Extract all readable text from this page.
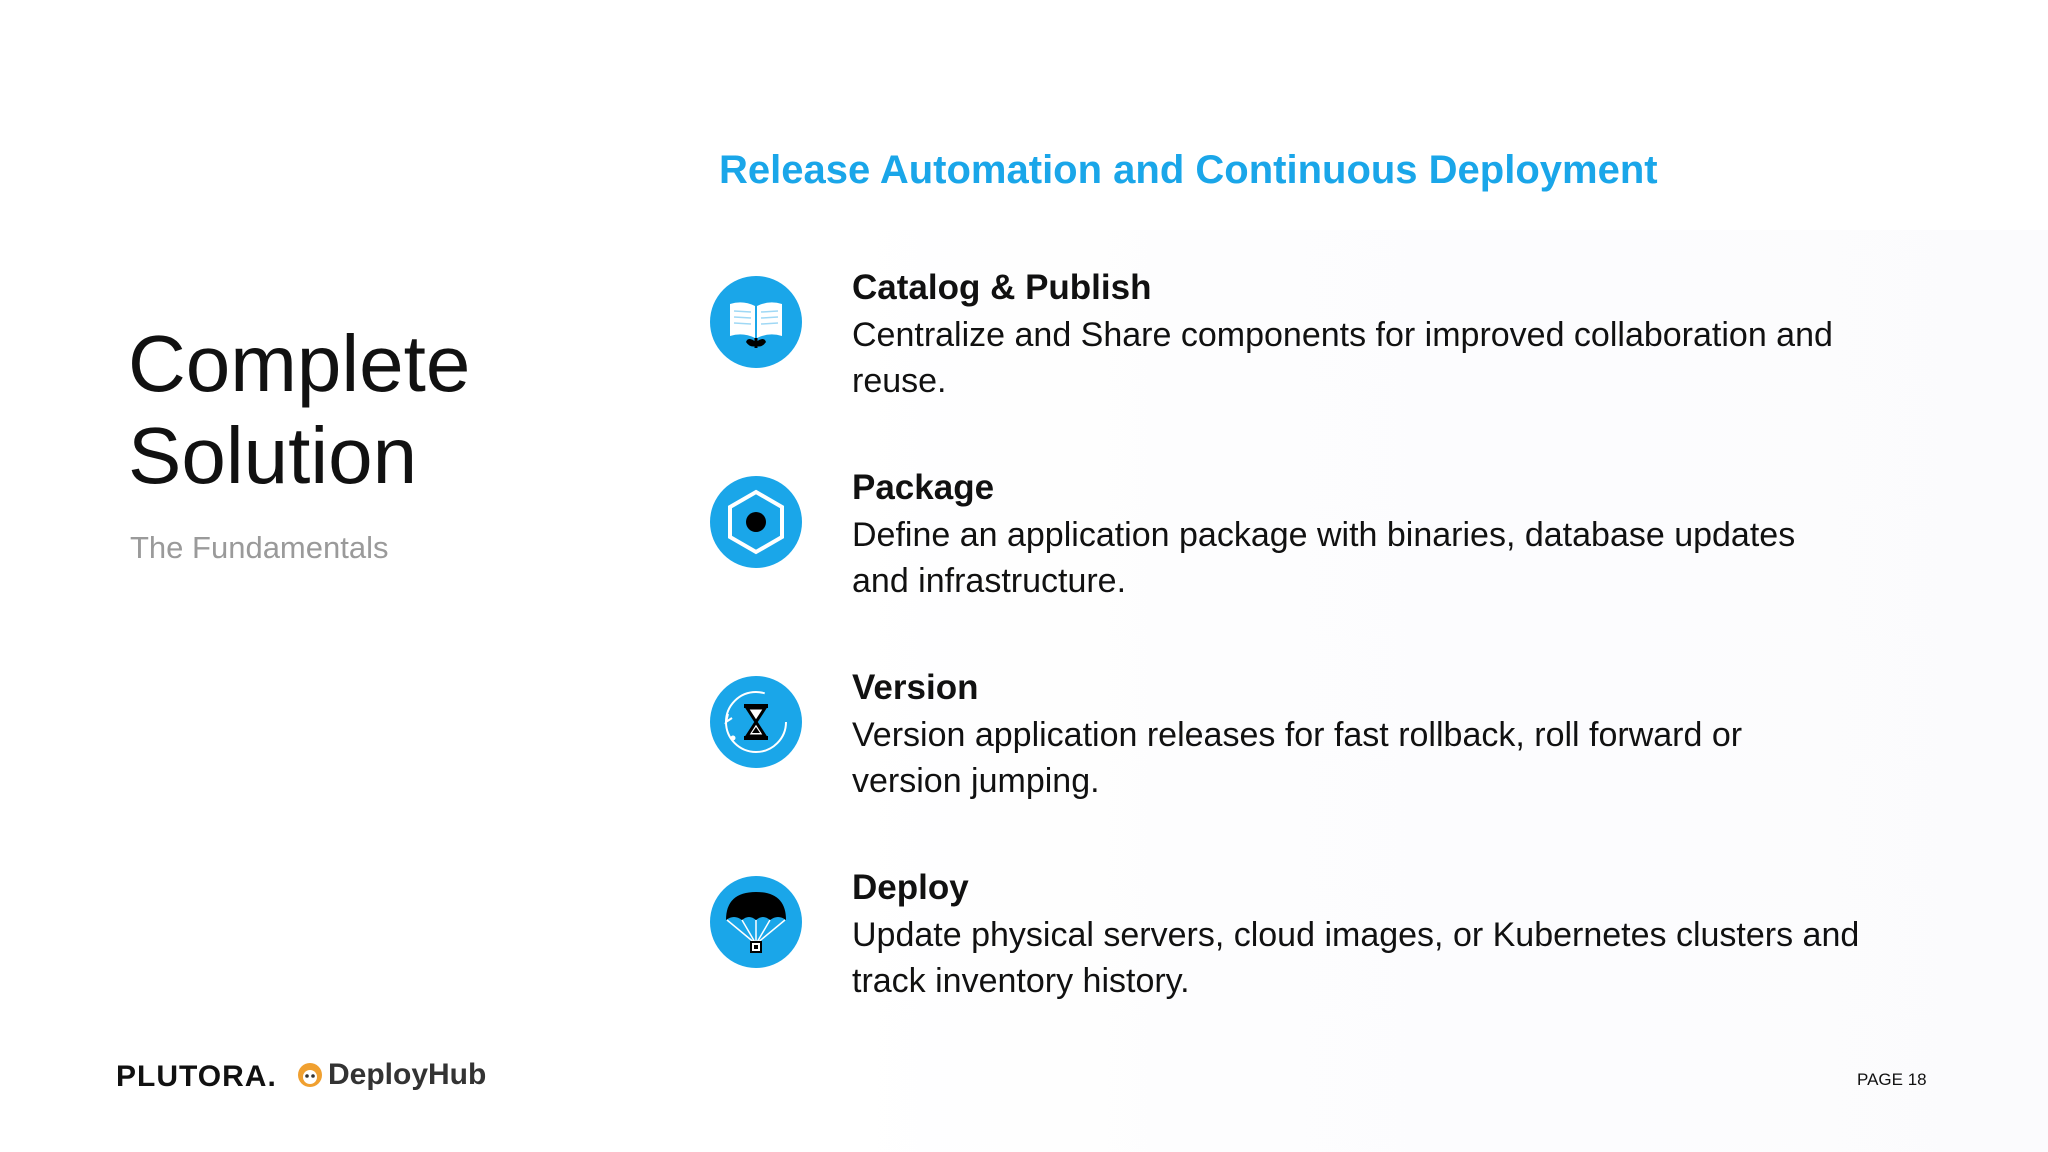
Complete
Solution
The Fundamentals
Release Automation and Continuous Deployment
Catalog & Publish
Centralize and Share components for improved collaboration and
reuse.
Package
Define an application package with binaries, database updates
and infrastructure.
Version
Version application releases for fast rollback, roll forward or
version jumping.
Deploy
Update physical servers, cloud images, or Kubernetes clusters and
track inventory history.
PLUTORA. DeployHub	PAGE 18
